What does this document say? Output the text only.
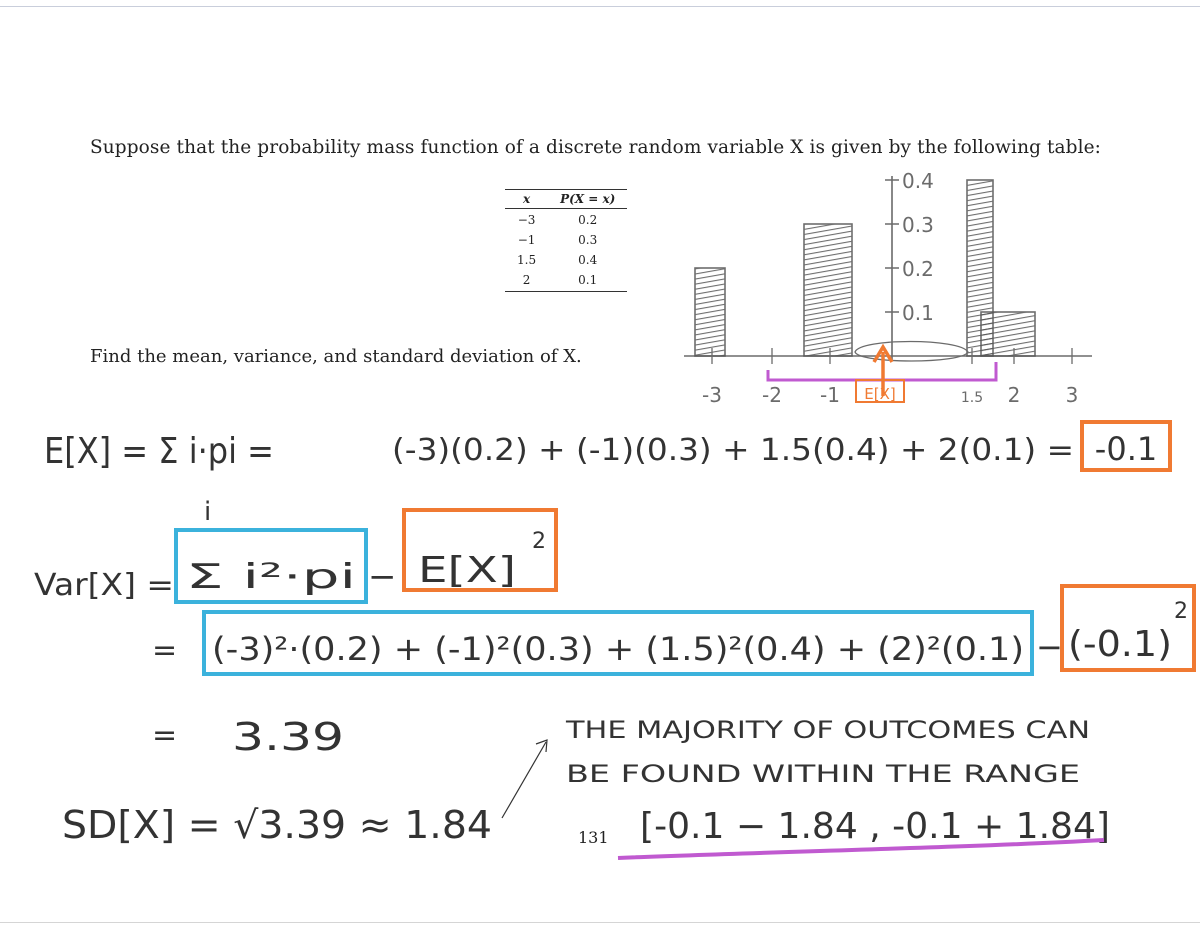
Suppose that the probability mass function of a discrete random variable X is given by the following table:
x	P(X = x)
−3	0.2
−1	0.3
1.5	0.4
2	0.1
Find the mean, variance, and standard deviation of X.
0.4
0.3
0.2
0.1
-3 -2 -1	1.5 2 3
E[X]
E[X] = Σ i·pi =
i
(-3)(0.2) + (-1)(0.3) + 1.5(0.4) + 2(0.1) = -0.1
Var[X] = Σ i²·pi − E[X]
2
= (-3)²·(0.2) + (-1)²(0.3) + (1.5)²(0.4) + (2)²(0.1) − (-0.1)
2
= 3.39
SD[X] = √3.39 ≈ 1.84
THE MAJORITY OF OUTCOMES CAN
BE FOUND WITHIN THE RANGE
[-0.1 − 1.84 , -0.1 + 1.84]
131
